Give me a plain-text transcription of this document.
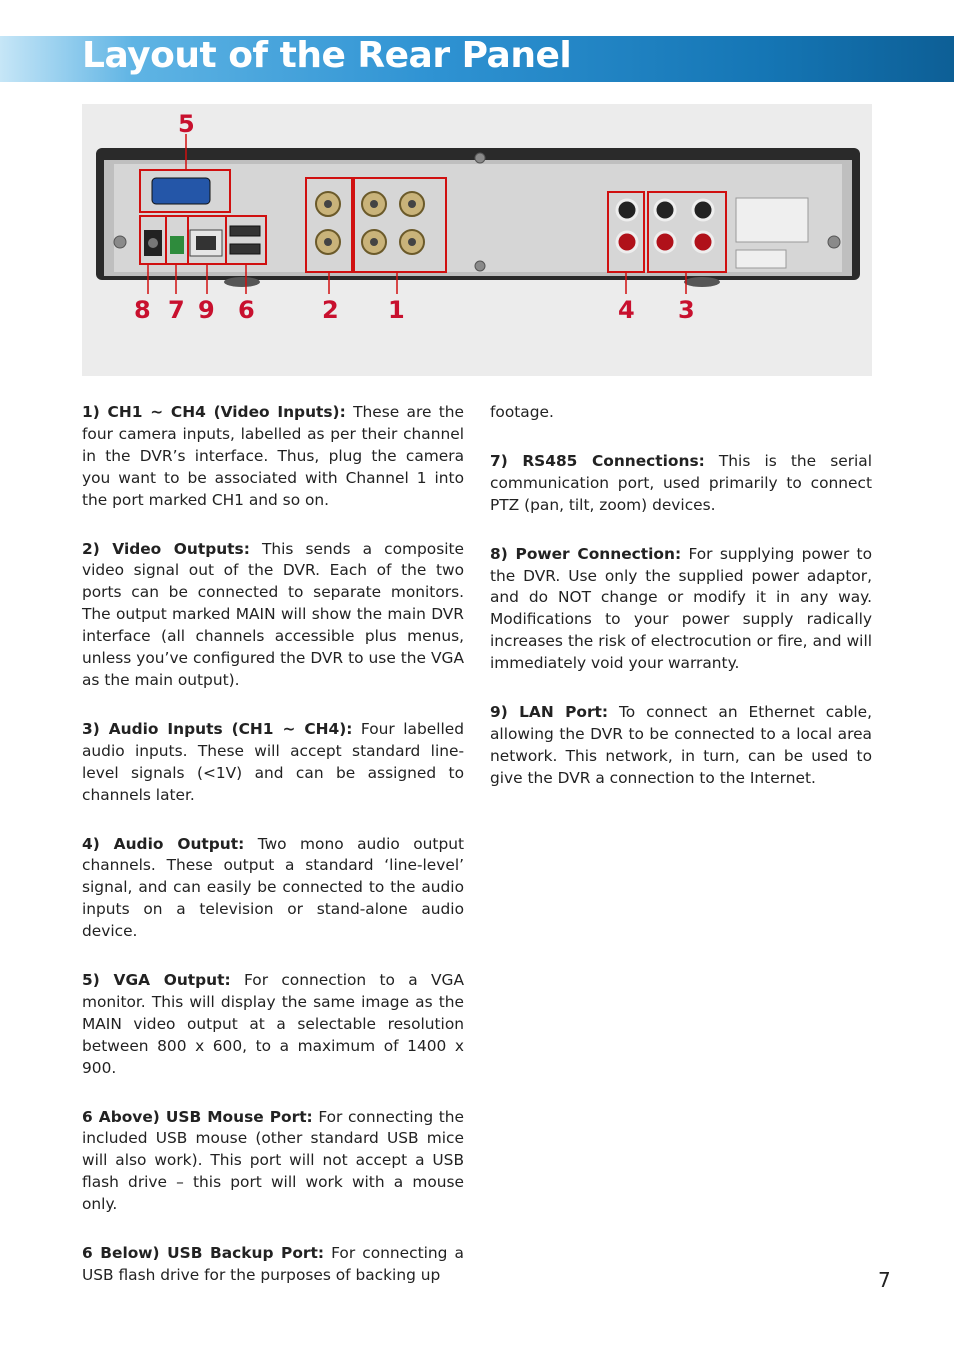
Layout of the Rear Panel
5
8 7 9 6	2 1	4 3

1) CH1 ~ CH4 (Video Inputs): These are the four camera inputs, labelled as per their channel in the DVR’s interface. Thus, plug the camera you want to be associated with Channel 1 into the port marked CH1 and so on.

2) Video Outputs: This sends a composite video signal out of the DVR. Each of the two ports can be connected to separate monitors. The output marked MAIN will show the main DVR interface (all channels accessible plus menus, unless you’ve configured the DVR to use the VGA as the main output).

3) Audio Inputs (CH1 ~ CH4): Four labelled audio inputs. These will accept standard line-level signals (<1V) and can be assigned to channels later.

4) Audio Output: Two mono audio output channels. These output a standard ‘line-level’ signal, and can easily be connected to the audio inputs on a television or stand-alone audio device.

5) VGA Output: For connection to a VGA monitor. This will display the same image as the MAIN video output at a selectable resolution between 800 x 600, to a maximum of 1400 x 900.

6 Above) USB Mouse Port: For connecting the included USB mouse (other standard USB mice will also work). This port will not accept a USB flash drive – this port will work with a mouse only.

6 Below) USB Backup Port: For connecting a USB flash drive for the purposes of backing up

footage.

7) RS485 Connections: This is the serial communication port, used primarily to connect PTZ (pan, tilt, zoom) devices.

8) Power Connection: For supplying power to the DVR. Use only the supplied power adaptor, and do NOT change or modify it in any way. Modifications to your power supply radically increases the risk of electrocution or fire, and will immediately void your warranty.

9) LAN Port: To connect an Ethernet cable, allowing the DVR to be connected to a local area network. This network, in turn, can be used to give the DVR a connection to the Internet.

7
